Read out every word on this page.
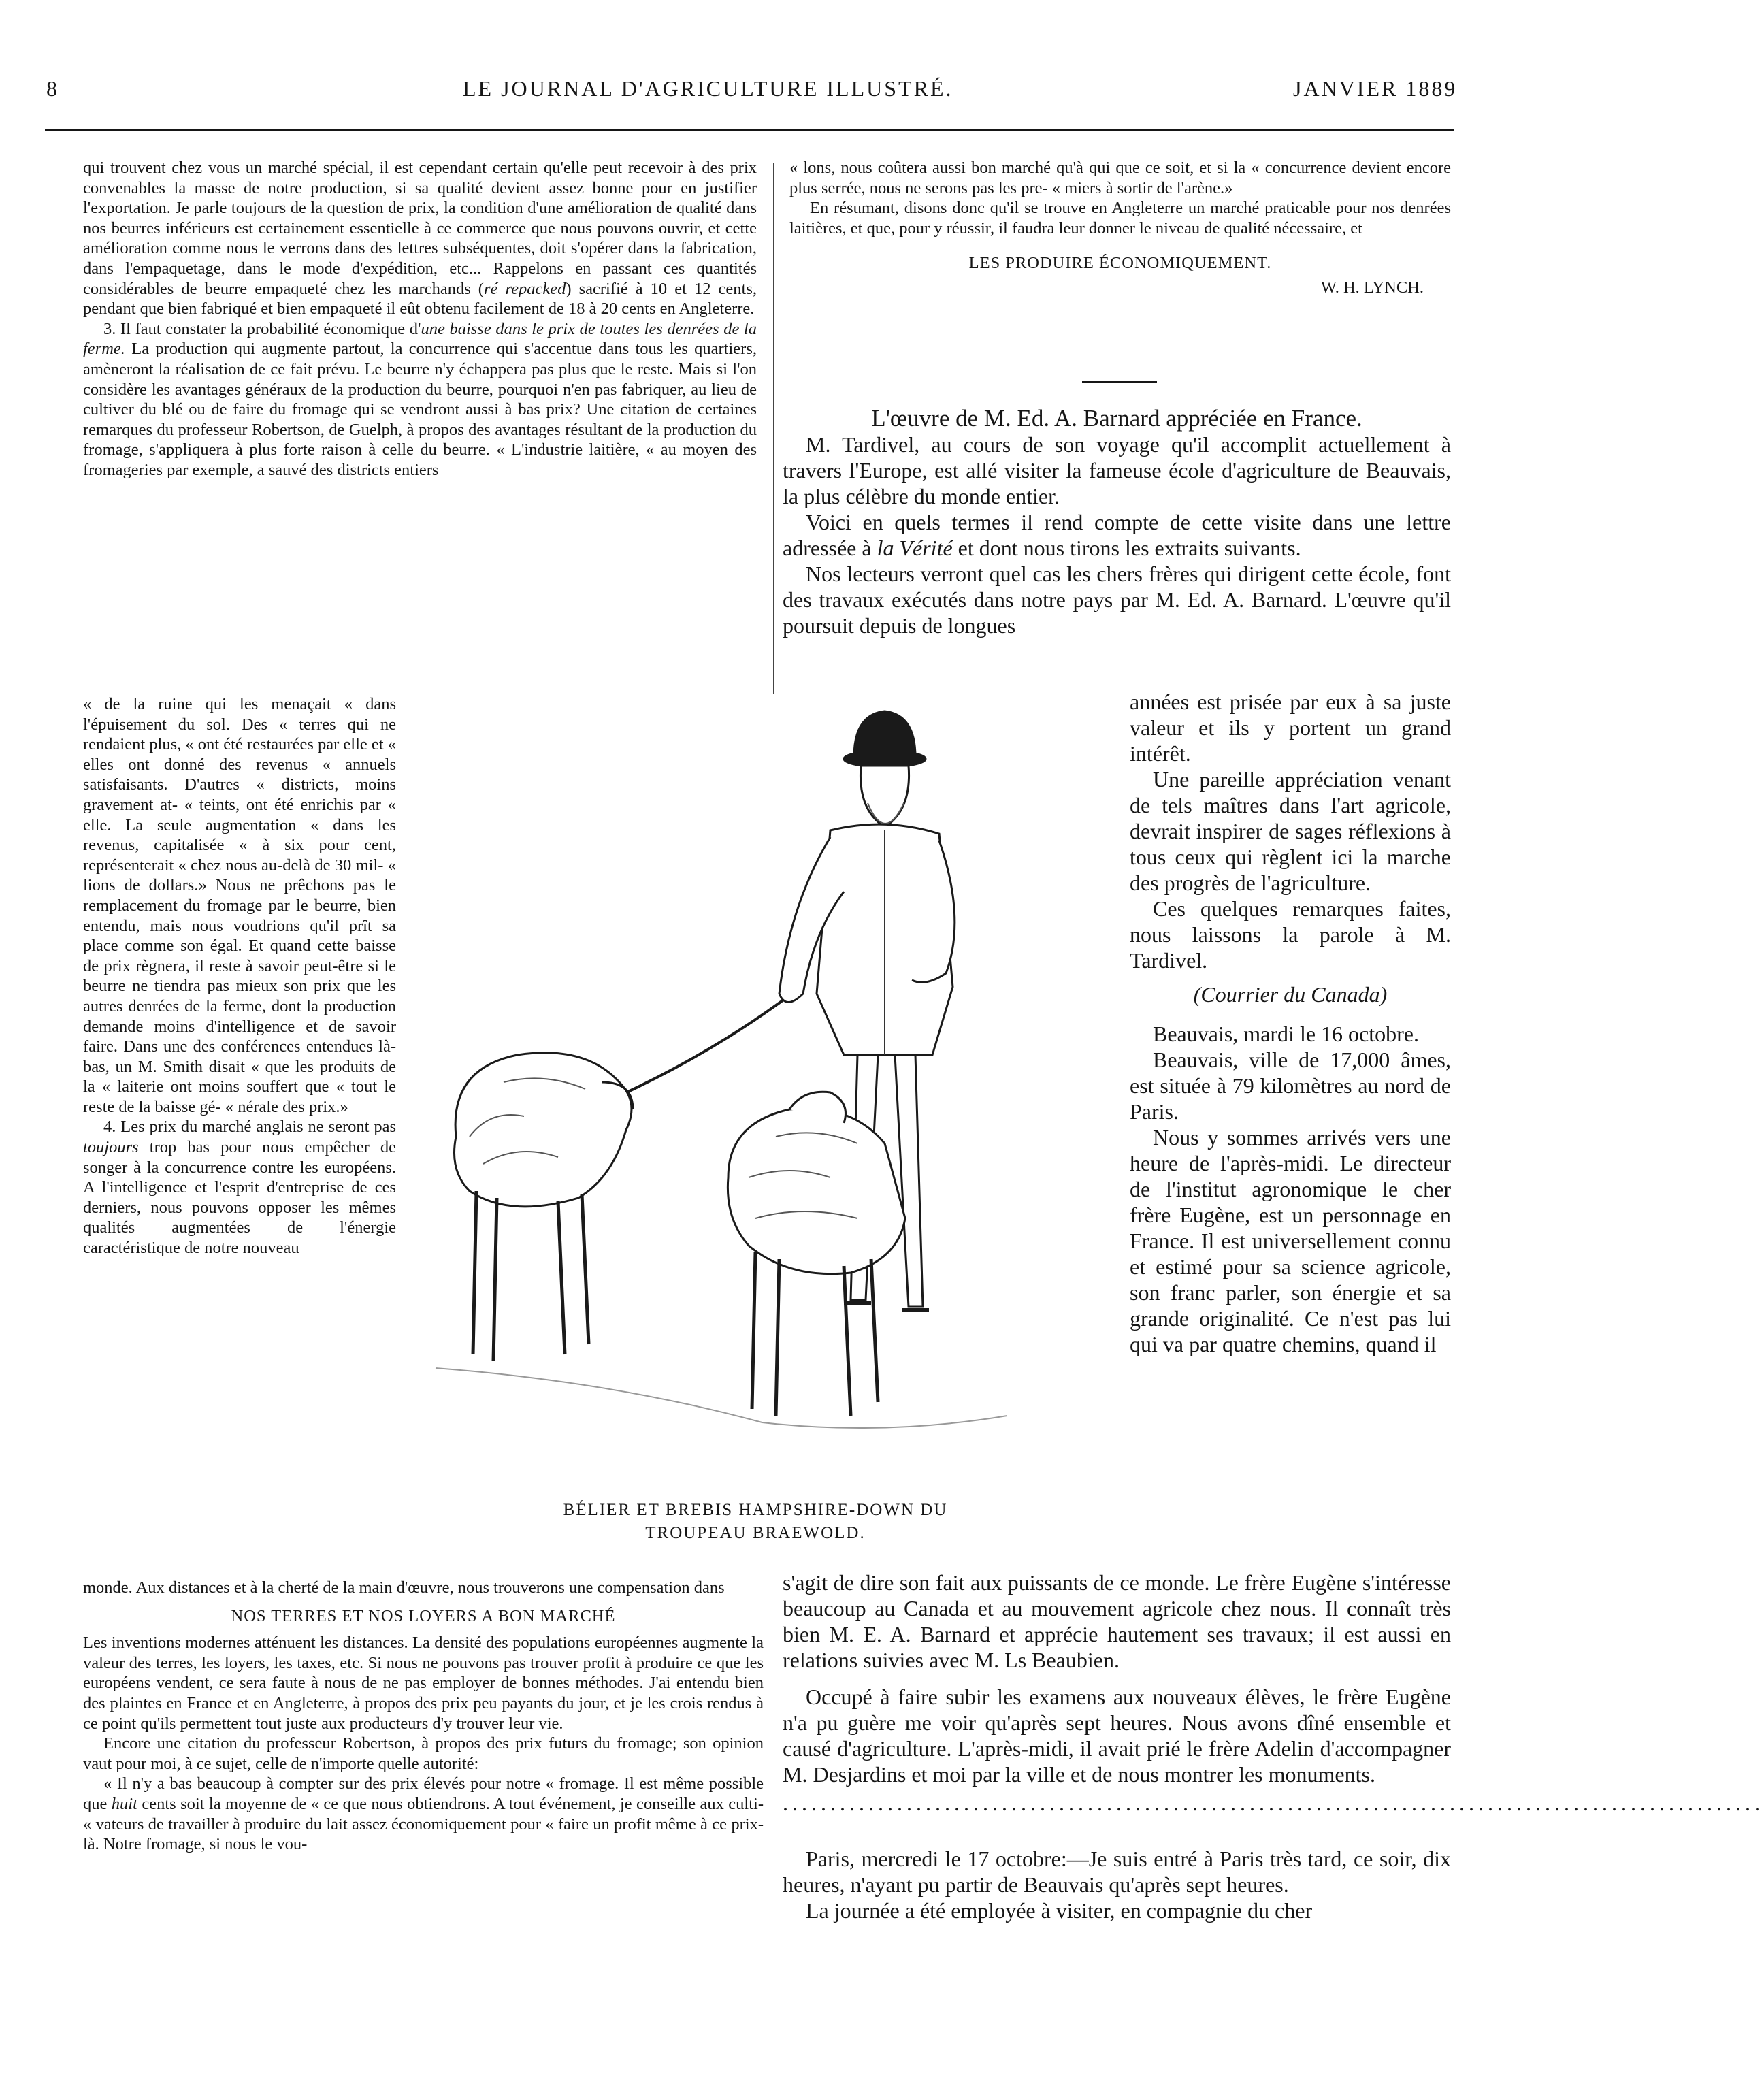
8	LE JOURNAL D'AGRICULTURE ILLUSTRÉ.	JANVIER 1889

qui trouvent chez vous un marché spécial, il est cependant certain qu'elle peut recevoir à des prix convenables la masse de notre production, si sa qualité devient assez bonne pour en justifier l'exportation. Je parle toujours de la question de prix, la condition d'une amélioration de qualité dans nos beurres inférieurs est certainement essentielle à ce commerce que nous pouvons ouvrir, et cette amélioration comme nous le verrons dans des lettres subséquentes, doit s'opérer dans la fabrication, dans l'empaquetage, dans le mode d'expédition, etc... Rappelons en passant ces quantités considérables de beurre empaqueté chez les marchands (ré repacked) sacrifié à 10 et 12 cents, pendant que bien fabriqué et bien empaqueté il eût obtenu facilement de 18 à 20 cents en Angleterre.

3. Il faut constater la probabilité économique d'une baisse dans le prix de toutes les denrées de la ferme. La production qui augmente partout, la concurrence qui s'accentue dans tous les quartiers, amèneront la réalisation de ce fait prévu. Le beurre n'y échappera pas plus que le reste. Mais si l'on considère les avantages généraux de la production du beurre, pourquoi n'en pas fabriquer, au lieu de cultiver du blé ou de faire du fromage qui se vendront aussi à bas prix? Une citation de certaines remarques du professeur Robertson, de Guelph, à propos des avantages résultant de la production du fromage, s'appliquera à plus forte raison à celle du beurre. « L'industrie laitière, « au moyen des fromageries par exemple, a sauvé des districts entiers

« de la ruine qui les menaçait « dans l'épuisement du sol. Des « terres qui ne rendaient plus, « ont été restaurées par elle et « elles ont donné des revenus « annuels satisfaisants. D'autres « districts, moins gravement at- « teints, ont été enrichis par « elle. La seule augmentation « dans les revenus, capitalisée « à six pour cent, représenterait « chez nous au-delà de 30 mil- « lions de dollars.» Nous ne prêchons pas le remplacement du fromage par le beurre, bien entendu, mais nous voudrions qu'il prît sa place comme son égal. Et quand cette baisse de prix règnera, il reste à savoir peut-être si le beurre ne tiendra pas mieux son prix que les autres denrées de la ferme, dont la production demande moins d'intelligence et de savoir faire. Dans une des conférences entendues là-bas, un M. Smith disait « que les produits de la « laiterie ont moins souffert que « tout le reste de la baisse gé- « nérale des prix.»

4. Les prix du marché anglais ne seront pas toujours trop bas pour nous empêcher de songer à la concurrence contre les européens. A l'intelligence et l'esprit d'entreprise de ces derniers, nous pouvons opposer les mêmes qualités augmentées de l'énergie caractéristique de notre nouveau

monde. Aux distances et à la cherté de la main d'œuvre, nous trouverons une compensation dans

NOS TERRES ET NOS LOYERS A BON MARCHÉ

Les inventions modernes atténuent les distances. La densité des populations européennes augmente la valeur des terres, les loyers, les taxes, etc. Si nous ne pouvons pas trouver profit à produire ce que les européens vendent, ce sera faute à nous de ne pas employer de bonnes méthodes. J'ai entendu bien des plaintes en France et en Angleterre, à propos des prix peu payants du jour, et je les crois rendus à ce point qu'ils permettent tout juste aux producteurs d'y trouver leur vie.

Encore une citation du professeur Robertson, à propos des prix futurs du fromage; son opinion vaut pour moi, à ce sujet, celle de n'importe quelle autorité:

« Il n'y a bas beaucoup à compter sur des prix élevés pour notre « fromage. Il est même possible que huit cents soit la moyenne de « ce que nous obtiendrons. A tout événement, je conseille aux culti- « vateurs de travailler à produire du lait assez économiquement pour « faire un profit même à ce prix-là. Notre fromage, si nous le vou-

« lons, nous coûtera aussi bon marché qu'à qui que ce soit, et si la « concurrence devient encore plus serrée, nous ne serons pas les pre- « miers à sortir de l'arène.»

En résumant, disons donc qu'il se trouve en Angleterre un marché praticable pour nos denrées laitières, et que, pour y réussir, il faudra leur donner le niveau de qualité nécessaire, et

LES PRODUIRE ÉCONOMIQUEMENT.

W. H. LYNCH.

L'œuvre de M. Ed. A. Barnard appréciée en France.

M. Tardivel, au cours de son voyage qu'il accomplit actuellement à travers l'Europe, est allé visiter la fameuse école d'agriculture de Beauvais, la plus célèbre du monde entier.

Voici en quels termes il rend compte de cette visite dans une lettre adressée à la Vérité et dont nous tirons les extraits suivants.

Nos lecteurs verront quel cas les chers frères qui dirigent cette école, font des travaux exécutés dans notre pays par M. Ed. A. Barnard. L'œuvre qu'il poursuit depuis de longues

années est prisée par eux à sa juste valeur et ils y portent un grand intérêt.

Une pareille appréciation venant de tels maîtres dans l'art agricole, devrait inspirer de sages réflexions à tous ceux qui règlent ici la marche des progrès de l'agriculture.

Ces quelques remarques faites, nous laissons la parole à M. Tardivel.

(Courrier du Canada)

Beauvais, mardi le 16 octobre.

Beauvais, ville de 17,000 âmes, est située à 79 kilomètres au nord de Paris.

Nous y sommes arrivés vers une heure de l'après-midi. Le directeur de l'institut agronomique le cher frère Eugène, est un personnage en France. Il est universellement connu et estimé pour sa science agricole, son franc parler, son énergie et sa grande originalité. Ce n'est pas lui qui va par quatre chemins, quand il

s'agit de dire son fait aux puissants de ce monde. Le frère Eugène s'intéresse beaucoup au Canada et au mouvement agricole chez nous. Il connaît très bien M. E. A. Barnard et apprécie hautement ses travaux; il est aussi en relations suivies avec M. Ls Beaubien.

Occupé à faire subir les examens aux nouveaux élèves, le frère Eugène n'a pu guère me voir qu'après sept heures. Nous avons dîné ensemble et causé d'agriculture. L'après-midi, il avait prié le frère Adelin d'accompagner M. Desjardins et moi par la ville et de nous montrer les monuments.

.......................................................................................................

Paris, mercredi le 17 octobre:—Je suis entré à Paris très tard, ce soir, dix heures, n'ayant pu partir de Beauvais qu'après sept heures.

La journée a été employée à visiter, en compagnie du cher

BÉLIER ET BREBIS HAMPSHIRE-DOWN DU
TROUPEAU BRAEWOLD.
